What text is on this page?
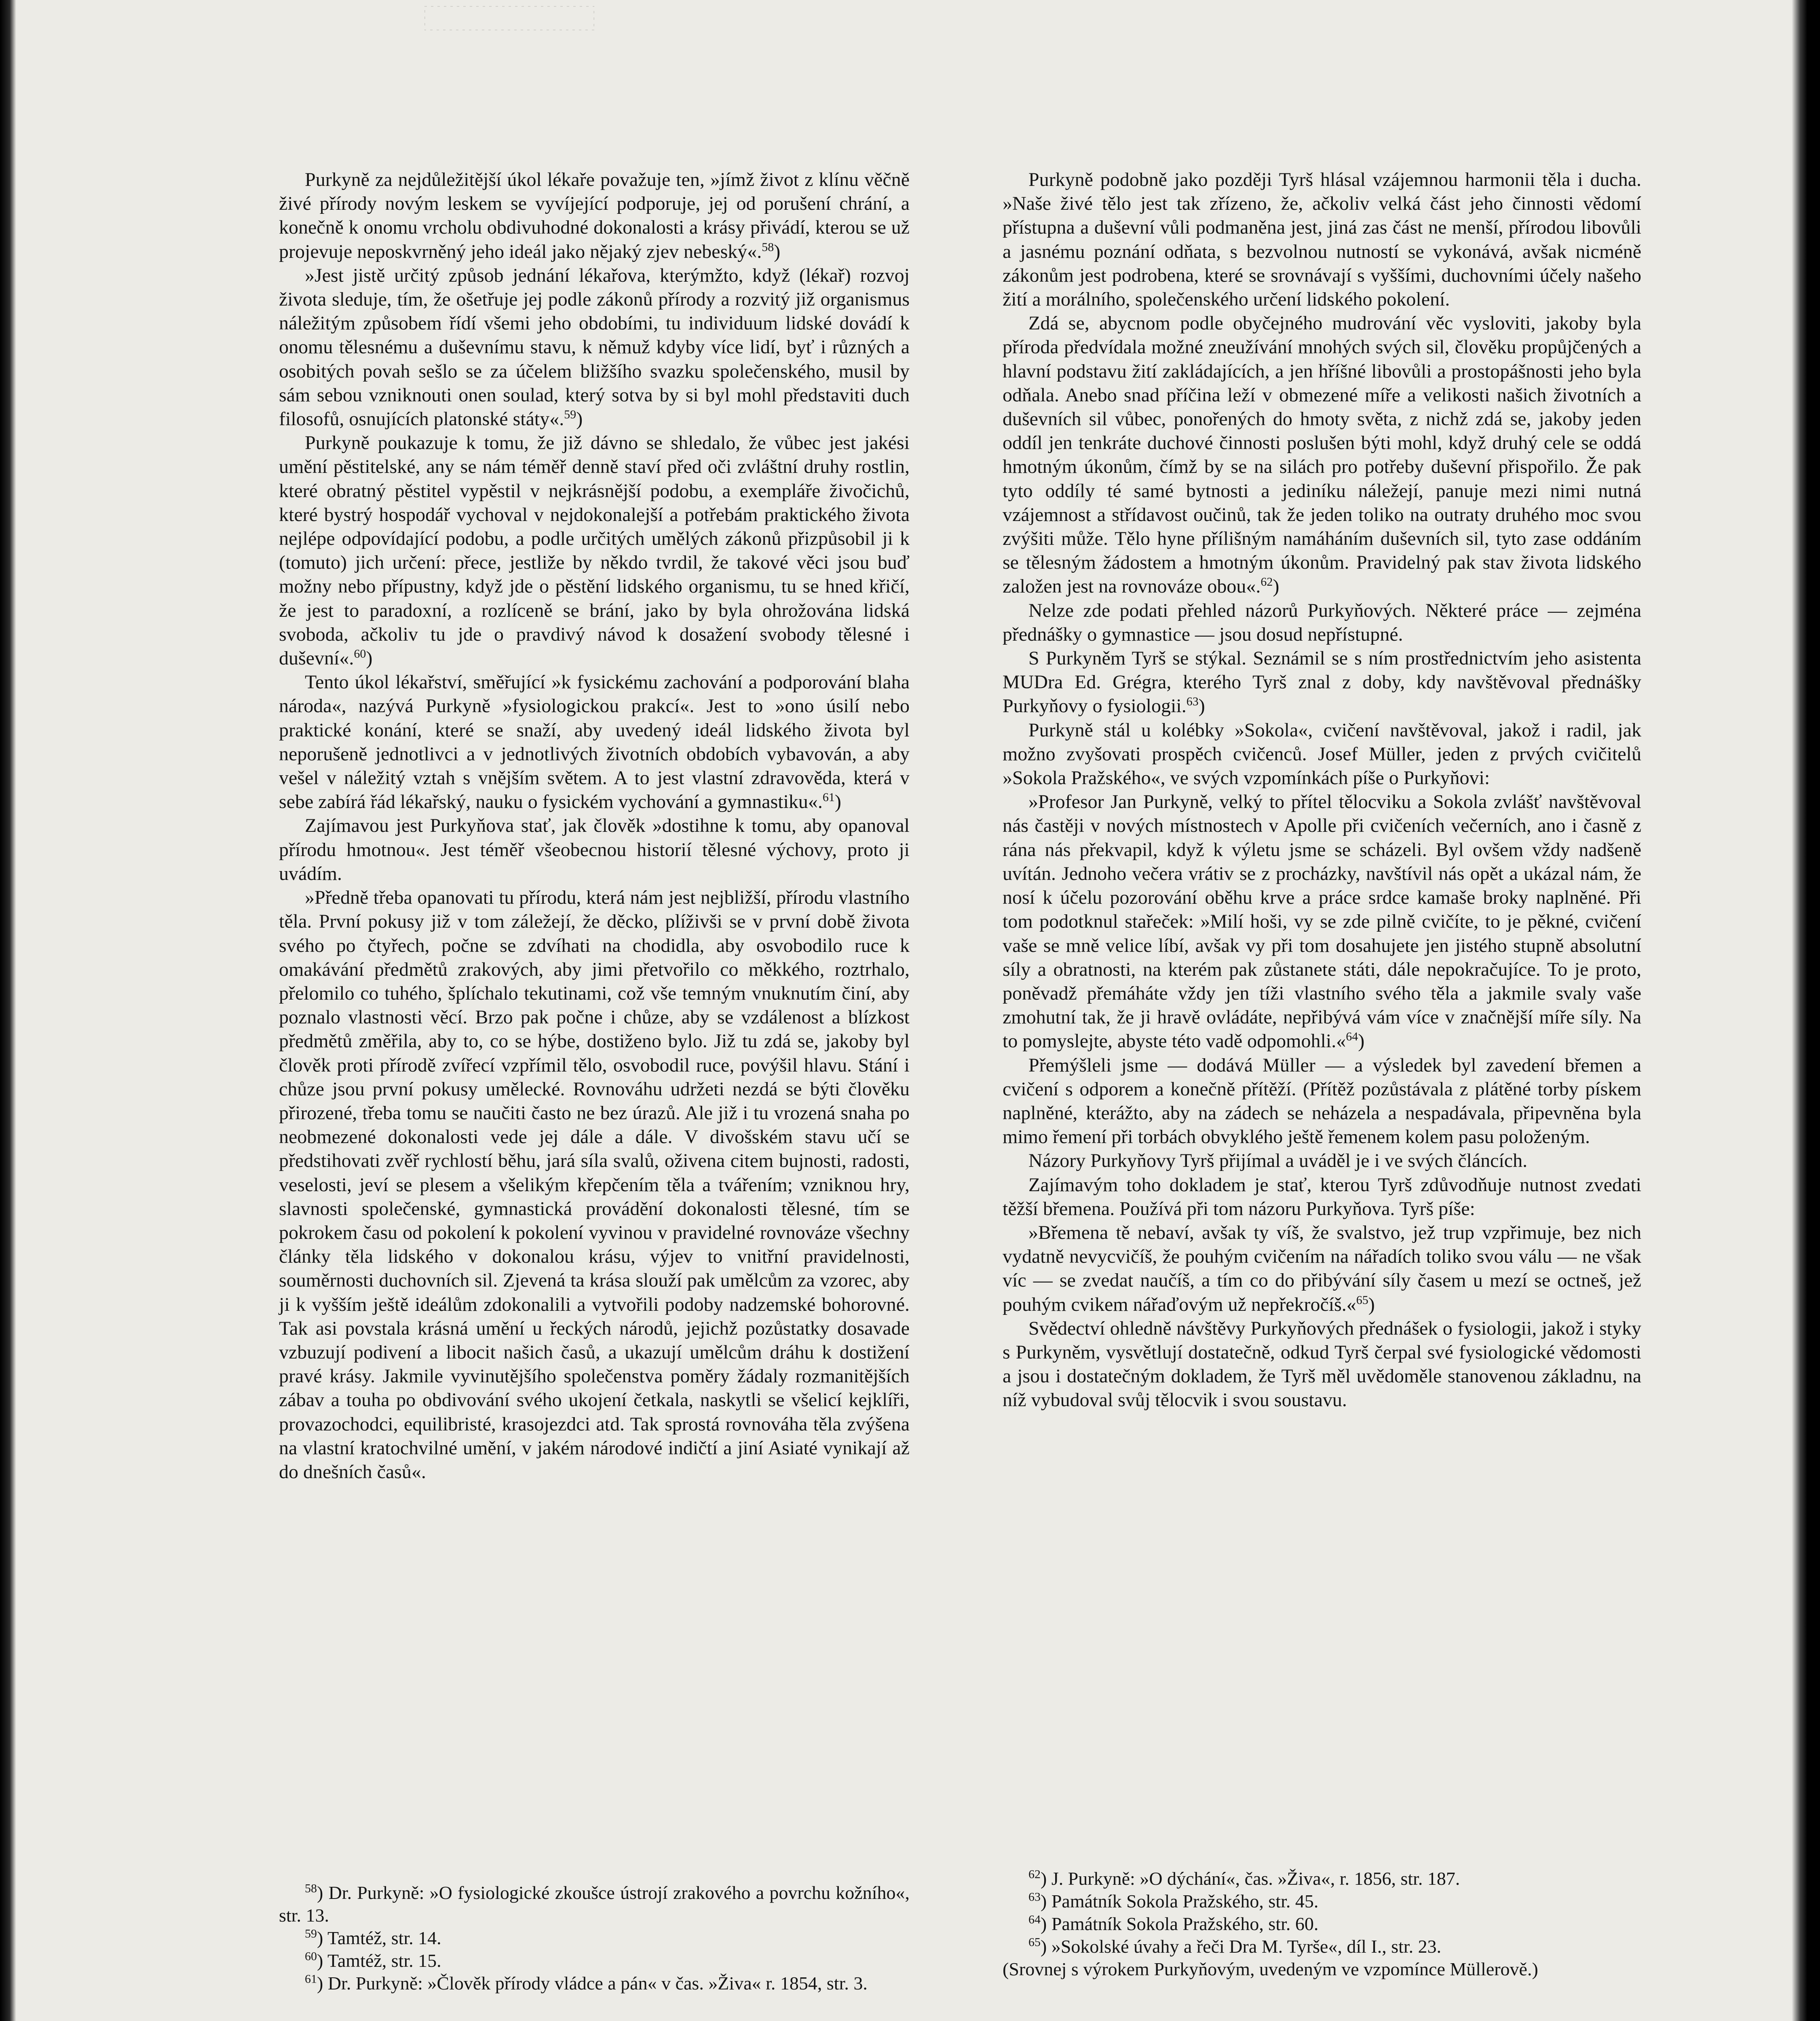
Purkyně za nejdůležitější úkol lékaře považuje ten, »jímž život z klínu věčně živé přírody novým leskem se vyvíjející podporuje, jej od porušení chrání, a konečně k onomu vrcholu obdivuhodné dokonalosti a krásy přivádí, kterou se už projevuje neposkvrněný jeho ideál jako nějaký zjev nebeský«.$^{58}$)

»Jest jistě určitý způsob jednání lékařova, kterýmžto, když (lékař) rozvoj života sleduje, tím, že ošetřuje jej podle zákonů přírody a rozvitý již organismus náležitým způsobem řídí všemi jeho obdobími, tu individuum lidské dovádí k onomu tělesnému a duševnímu stavu, k němuž kdyby více lidí, byť i různých a osobitých povah sešlo se za účelem bližšího svazku společenského, musil by sám sebou vzniknouti onen soulad, který sotva by si byl mohl představiti duch filosofů, osnujících platonské státy«.$^{59}$)

Purkyně poukazuje k tomu, že již dávno se shledalo, že vůbec jest jakési umění pěstitelské, any se nám téměř denně staví před oči zvláštní druhy rostlin, které obratný pěstitel vypěstil v nejkrásnější podobu, a exempláře živočichů, které bystrý hospodář vychoval v nejdokonalejší a potřebám praktického života nejlépe odpovídající podobu, a podle určitých umělých zákonů přizpůsobil ji k (tomuto) jich určení: přece, jestliže by někdo tvrdil, že takové věci jsou buď možny nebo přípustny, když jde o pěstění lidského organismu, tu se hned křičí, že jest to paradoxní, a rozlíceně se brání, jako by byla ohrožována lidská svoboda, ačkoliv tu jde o pravdivý návod k dosažení svobody tělesné i duševní«.$^{60}$)

Tento úkol lékařství, směřující »k fysickému zachování a podporování blaha národa«, nazývá Purkyně »fysiologickou prakcí«. Jest to »ono úsilí nebo praktické konání, které se snaží, aby uvedený ideál lidského života byl neporušeně jednotlivci a v jednotlivých životních obdobích vybavován, a aby vešel v náležitý vztah s vnějším světem. A to jest vlastní zdravověda, která v sebe zabírá řád lékařský, nauku o fysickém vychování a gymnastiku«.$^{61}$)

Zajímavou jest Purkyňova stať, jak člověk »dostihne k tomu, aby opanoval přírodu hmotnou«. Jest téměř všeobecnou historií tělesné výchovy, proto ji uvádím.

»Předně třeba opanovati tu přírodu, která nám jest nejbližší, přírodu vlastního těla. První pokusy již v tom záležejí, že děcko, plíživši se v první době života svého po čtyřech, počne se zdvíhati na chodidla, aby osvobodilo ruce k omakávání předmětů zrakových, aby jimi přetvořilo co měkkého, roztrhalo, přelomilo co tuhého, šplíchalo tekutinami, což vše temným vnuknutím činí, aby poznalo vlastnosti věcí. Brzo pak počne i chůze, aby se vzdálenost a blízkost předmětů změřila, aby to, co se hýbe, dostiženo bylo. Již tu zdá se, jakoby byl člověk proti přírodě zvířecí vzpřímil tělo, osvobodil ruce, povýšil hlavu. Stání i chůze jsou první pokusy umělecké. Rovnováhu udržeti nezdá se býti člověku přirozené, třeba tomu se naučiti často ne bez úrazů. Ale již i tu vrozená snaha po neobmezené dokonalosti vede jej dále a dále. V divošském stavu učí se předstihovati zvěř rychlostí běhu, jará síla svalů, oživena citem bujnosti, radosti, veselosti, jeví se plesem a všelikým křepčením těla a tvářením; vzniknou hry, slavnosti společenské, gymnastická provádění dokonalosti tělesné, tím se pokrokem času od pokolení k pokolení vyvinou v pravidelné rovnováze všechny články těla lidského v dokonalou krásu, výjev to vnitřní pravidelnosti, souměrnosti duchovních sil. Zjevená ta krása slouží pak umělcům za vzorec, aby ji k vyšším ještě ideálům zdokonalili a vytvořili podoby nadzemské bohorovné. Tak asi povstala krásná umění u řeckých národů, jejichž pozůstatky dosavade vzbuzují podivení a libocit našich časů, a ukazují umělcům dráhu k dostižení pravé krásy. Jakmile vyvinutějšího společenstva poměry žádaly rozmanitějších zábav a touha po obdivování svého ukojení četkala, naskytli se všelicí kejklíři, provazochodci, equilibristé, krasojezdci atd. Tak sprostá rovnováha těla zvýšena na vlastní kratochvilné umění, v jakém národové indičtí a jiní Asiaté vynikají až do dnešních časů«.

Purkyně podobně jako později Tyrš hlásal vzájemnou harmonii těla i ducha. »Naše živé tělo jest tak zřízeno, že, ačkoliv velká část jeho činnosti vědomí přístupna a duševní vůli podmaněna jest, jiná zas část ne menší, přírodou libovůli a jasnému poznání odňata, s bezvolnou nutností se vykonává, avšak nicméně zákonům jest podrobena, které se srovnávají s vyššími, duchovními účely našeho žití a morálního, společenského určení lidského pokolení.

Zdá se, abycnom podle obyčejného mudrování věc vysloviti, jakoby byla příroda předvídala možné zneužívání mnohých svých sil, člověku propůjčených a hlavní podstavu žití zakládajících, a jen hříšné libovůli a prostopášnosti jeho byla odňala. Anebo snad příčina leží v obmezené míře a velikosti našich životních a duševních sil vůbec, ponořených do hmoty světa, z nichž zdá se, jakoby jeden oddíl jen tenkráte duchové činnosti poslušen býti mohl, když druhý cele se oddá hmotným úkonům, čímž by se na silách pro potřeby duševní přispořilo. Že pak tyto oddíly té samé bytnosti a jediníku náležejí, panuje mezi nimi nutná vzájemnost a střídavost oučinů, tak že jeden toliko na outraty druhého moc svou zvýšiti může. Tělo hyne přílišným namáháním duševních sil, tyto zase oddáním se tělesným žádostem a hmotným úkonům. Pravidelný pak stav života lidského založen jest na rovnováze obou«.$^{62}$)

Nelze zde podati přehled názorů Purkyňových. Některé práce — zejména přednášky o gymnastice — jsou dosud nepřístupné.

S Purkyněm Tyrš se stýkal. Seznámil se s ním prostřednictvím jeho asistenta MUDra Ed. Grégra, kterého Tyrš znal z doby, kdy navštěvoval přednášky Purkyňovy o fysiologii.$^{63}$)

Purkyně stál u kolébky »Sokola«, cvičení navštěvoval, jakož i radil, jak možno zvyšovati prospěch cvičenců. Josef Müller, jeden z prvých cvičitelů »Sokola Pražského«, ve svých vzpomínkách píše o Purkyňovi:

»Profesor Jan Purkyně, velký to přítel tělocviku a Sokola zvlášť navštěvoval nás častěji v nových místnostech v Apolle při cvičeních večerních, ano i časně z rána nás překvapil, když k výletu jsme se scházeli. Byl ovšem vždy nadšeně uvítán. Jednoho večera vrátiv se z procházky, navštívil nás opět a ukázal nám, že nosí k účelu pozorování oběhu krve a práce srdce kamaše broky naplněné. Při tom podotknul stařeček: »Milí hoši, vy se zde pilně cvičíte, to je pěkné, cvičení vaše se mně velice líbí, avšak vy při tom dosahujete jen jistého stupně absolutní síly a obratnosti, na kterém pak zůstanete státi, dále nepokračujíce. To je proto, poněvadž přemáháte vždy jen tíži vlastního svého těla a jakmile svaly vaše zmohutní tak, že ji hravě ovládáte, nepřibývá vám více v značnější míře síly. Na to pomyslejte, abyste této vadě odpomohli.«$^{64}$)

Přemýšleli jsme — dodává Müller — a výsledek byl zavedení břemen a cvičení s odporem a konečně přítěží. (Přítěž pozůstávala z plátěné torby pískem naplněné, kterážto, aby na zádech se neházela a nespadávala, připevněna byla mimo řemení při torbách obvyklého ještě řemenem kolem pasu položeným.

Názory Purkyňovy Tyrš přijímal a uváděl je i ve svých článcích.

Zajímavým toho dokladem je stať, kterou Tyrš zdůvodňuje nutnost zvedati těžší břemena. Používá při tom názoru Purkyňova. Tyrš píše:

»Břemena tě nebaví, avšak ty víš, že svalstvo, jež trup vzpřimuje, bez nich vydatně nevycvičíš, že pouhým cvičením na nářadích toliko svou válu — ne však víc — se zvedat naučíš, a tím co do přibývání síly časem u mezí se octneš, jež pouhým cvikem nářaďovým už nepřekročíš.«$^{65}$)

Svědectví ohledně návštěvy Purkyňových přednášek o fysiologii, jakož i styky s Purkyněm, vysvětlují dostatečně, odkud Tyrš čerpal své fysiologické vědomosti a jsou i dostatečným dokladem, že Tyrš měl uvědoměle stanovenou základnu, na níž vybudoval svůj tělocvik i svou soustavu.

$^{58}$) Dr. Purkyně: »O fysiologické zkoušce ústrojí zrakového a povrchu kožního«, str. 13.

$^{59}$) Tamtéž, str. 14.

$^{60}$) Tamtéž, str. 15.

$^{61}$) Dr. Purkyně: »Člověk přírody vládce a pán« v čas. »Živa« r. 1854, str. 3.

$^{62}$) J. Purkyně: »O dýchání«, čas. »Živa«, r. 1856, str. 187.

$^{63}$) Památník Sokola Pražského, str. 45.

$^{64}$) Památník Sokola Pražského, str. 60.

$^{65}$) »Sokolské úvahy a řeči Dra M. Tyrše«, díl I., str. 23.

(Srovnej s výrokem Purkyňovým, uvedeným ve vzpomínce Müllerově.)
